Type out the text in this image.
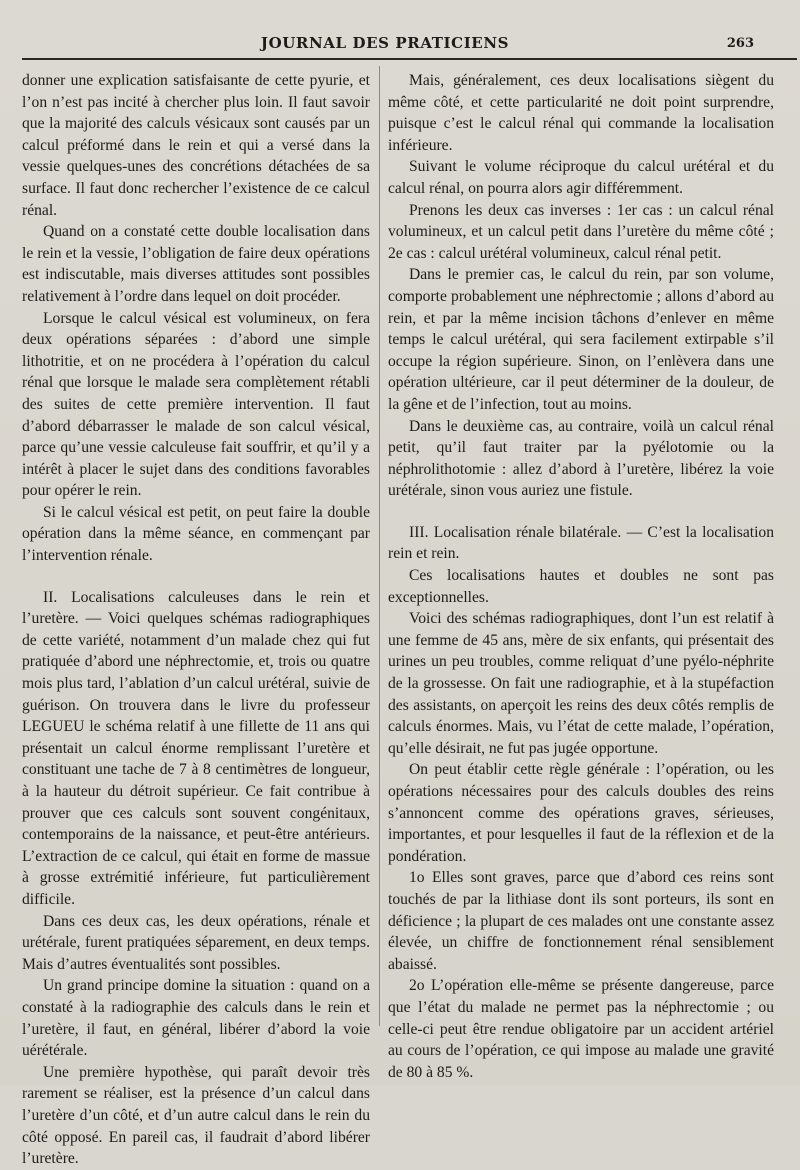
JOURNAL DES PRATICIENS	263

donner une explication satisfaisante de cette pyurie, et l’on n’est pas incité à chercher plus loin. Il faut savoir que la majorité des calculs vésicaux sont causés par un calcul préformé dans le rein et qui a versé dans la vessie quelques-unes des concrétions détachées de sa surface. Il faut donc rechercher l’existence de ce calcul rénal.

Quand on a constaté cette double localisation dans le rein et la vessie, l’obligation de faire deux opérations est indiscutable, mais diverses attitudes sont possibles relativement à l’ordre dans lequel on doit procéder.

Lorsque le calcul vésical est volumineux, on fera deux opérations séparées : d’abord une simple lithotritie, et on ne procédera à l’opération du calcul rénal que lorsque le malade sera complètement rétabli des suites de cette première intervention. Il faut d’abord débarrasser le malade de son calcul vésical, parce qu’une vessie calculeuse fait souffrir, et qu’il y a intérêt à placer le sujet dans des conditions favorables pour opérer le rein.

Si le calcul vésical est petit, on peut faire la double opération dans la même séance, en commençant par l’intervention rénale.

II. Localisations calculeuses dans le rein et l’uretère. — Voici quelques schémas radiographiques de cette variété, notamment d’un malade chez qui fut pratiquée d’abord une néphrectomie, et, trois ou quatre mois plus tard, l’ablation d’un calcul urétéral, suivie de guérison. On trouvera dans le livre du professeur LEGUEU le schéma relatif à une fillette de 11 ans qui présentait un calcul énorme remplissant l’uretère et constituant une tache de 7 à 8 centimètres de longueur, à la hauteur du détroit supérieur. Ce fait contribue à prouver que ces calculs sont souvent congénitaux, contemporains de la naissance, et peut-être antérieurs. L’extraction de ce calcul, qui était en forme de massue à grosse extrémitié inférieure, fut particulièrement difficile.

Dans ces deux cas, les deux opérations, rénale et urétérale, furent pratiquées séparement, en deux temps. Mais d’autres éventualités sont possibles.

Un grand principe domine la situation : quand on a constaté à la radiographie des calculs dans le rein et l’uretère, il faut, en général, libérer d’abord la voie uérétérale.

Une première hypothèse, qui paraît devoir très rarement se réaliser, est la présence d’un calcul dans l’uretère d’un côté, et d’un autre calcul dans le rein du côté opposé. En pareil cas, il faudrait d’abord libérer l’uretère.

Mais, généralement, ces deux localisations siègent du même côté, et cette particularité ne doit point surprendre, puisque c’est le calcul rénal qui commande la localisation inférieure.

Suivant le volume réciproque du calcul urétéral et du calcul rénal, on pourra alors agir différemment.

Prenons les deux cas inverses : 1er cas : un calcul rénal volumineux, et un calcul petit dans l’uretère du même côté ; 2e cas : calcul urétéral volumineux, calcul rénal petit.

Dans le premier cas, le calcul du rein, par son volume, comporte probablement une néphrectomie ; allons d’abord au rein, et par la même incision tâchons d’enlever en même temps le calcul urétéral, qui sera facilement extirpable s’il occupe la région supérieure. Sinon, on l’enlèvera dans une opération ultérieure, car il peut déterminer de la douleur, de la gêne et de l’infection, tout au moins.

Dans le deuxième cas, au contraire, voilà un calcul rénal petit, qu’il faut traiter par la pyélotomie ou la néphrolithotomie : allez d’abord à l’uretère, libérez la voie urétérale, sinon vous auriez une fistule.

III. Localisation rénale bilatérale. — C’est la localisation rein et rein.

Ces localisations hautes et doubles ne sont pas exceptionnelles.

Voici des schémas radiographiques, dont l’un est relatif à une femme de 45 ans, mère de six enfants, qui présentait des urines un peu troubles, comme reliquat d’une pyélo-néphrite de la grossesse. On fait une radiographie, et à la stupéfaction des assistants, on aperçoit les reins des deux côtés remplis de calculs énormes. Mais, vu l’état de cette malade, l’opération, qu’elle désirait, ne fut pas jugée opportune.

On peut établir cette règle générale : l’opération, ou les opérations nécessaires pour des calculs doubles des reins s’annoncent comme des opérations graves, sérieuses, importantes, et pour lesquelles il faut de la réflexion et de la pondération.

1o Elles sont graves, parce que d’abord ces reins sont touchés de par la lithiase dont ils sont porteurs, ils sont en déficience ; la plupart de ces malades ont une constante assez élevée, un chiffre de fonctionnement rénal sensiblement abaissé.

2o L’opération elle-même se présente dangereuse, parce que l’état du malade ne permet pas la néphrectomie ; ou celle-ci peut être rendue obligatoire par un accident artériel au cours de l’opération, ce qui impose au malade une gravité de 80 à 85 %.
